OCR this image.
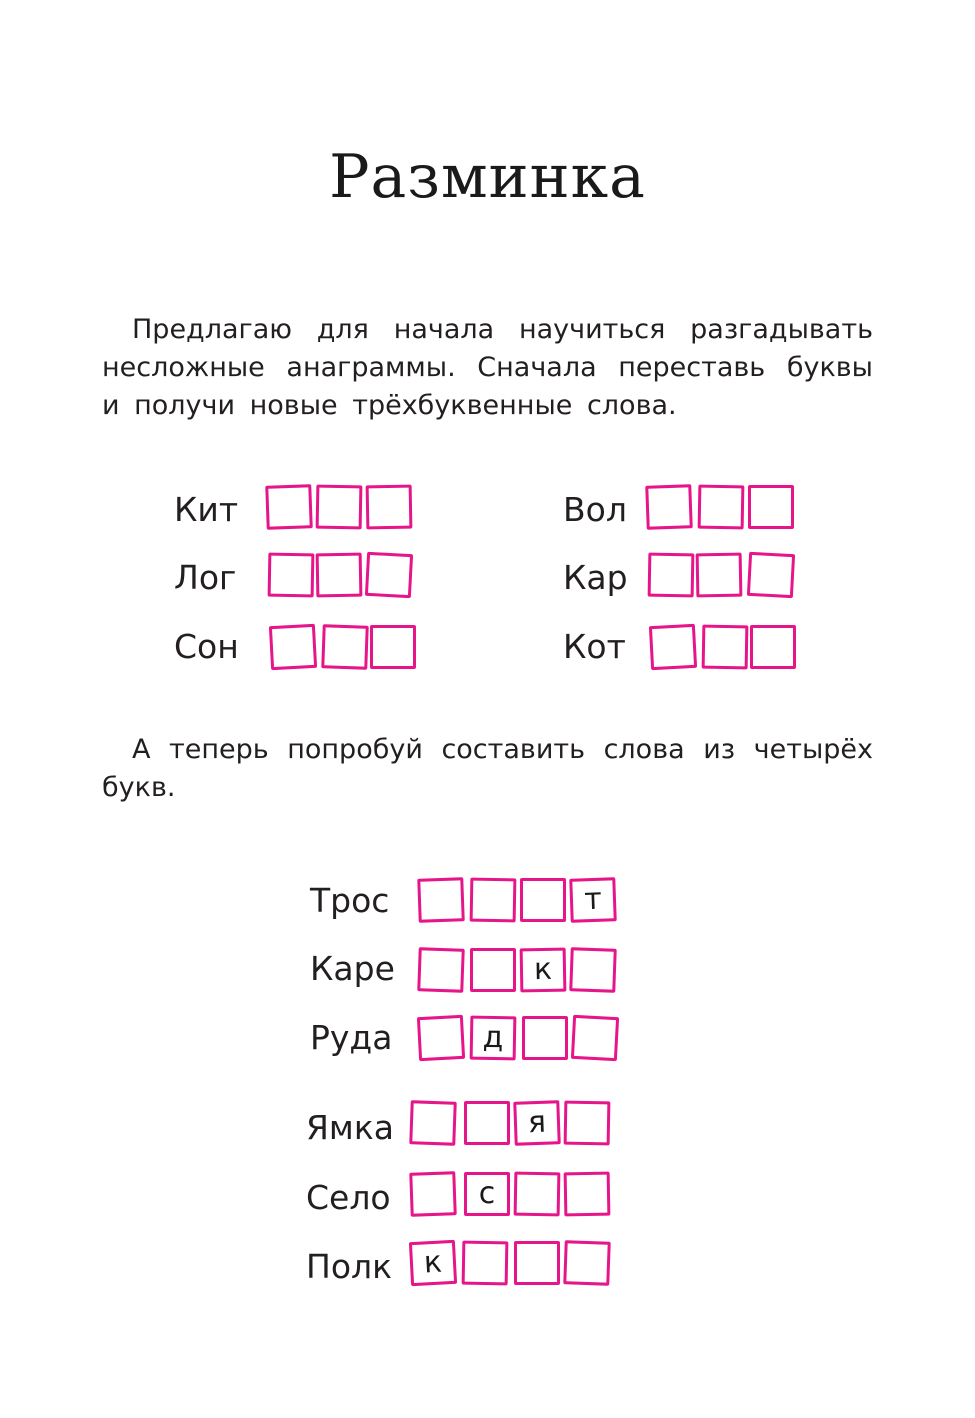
Разминка

Предлагаю для начала научиться разгадывать несложные анаграммы. Сначала переставь буквы и получи новые трёхбуквенные слова.

Кит
Лог
Сон
Вол
Кар
Кот

А теперь попробуй составить слова из четырёх букв.

Трос	т
Каре	к
Руда	д
Ямка	я
Село	с
Полк	к
